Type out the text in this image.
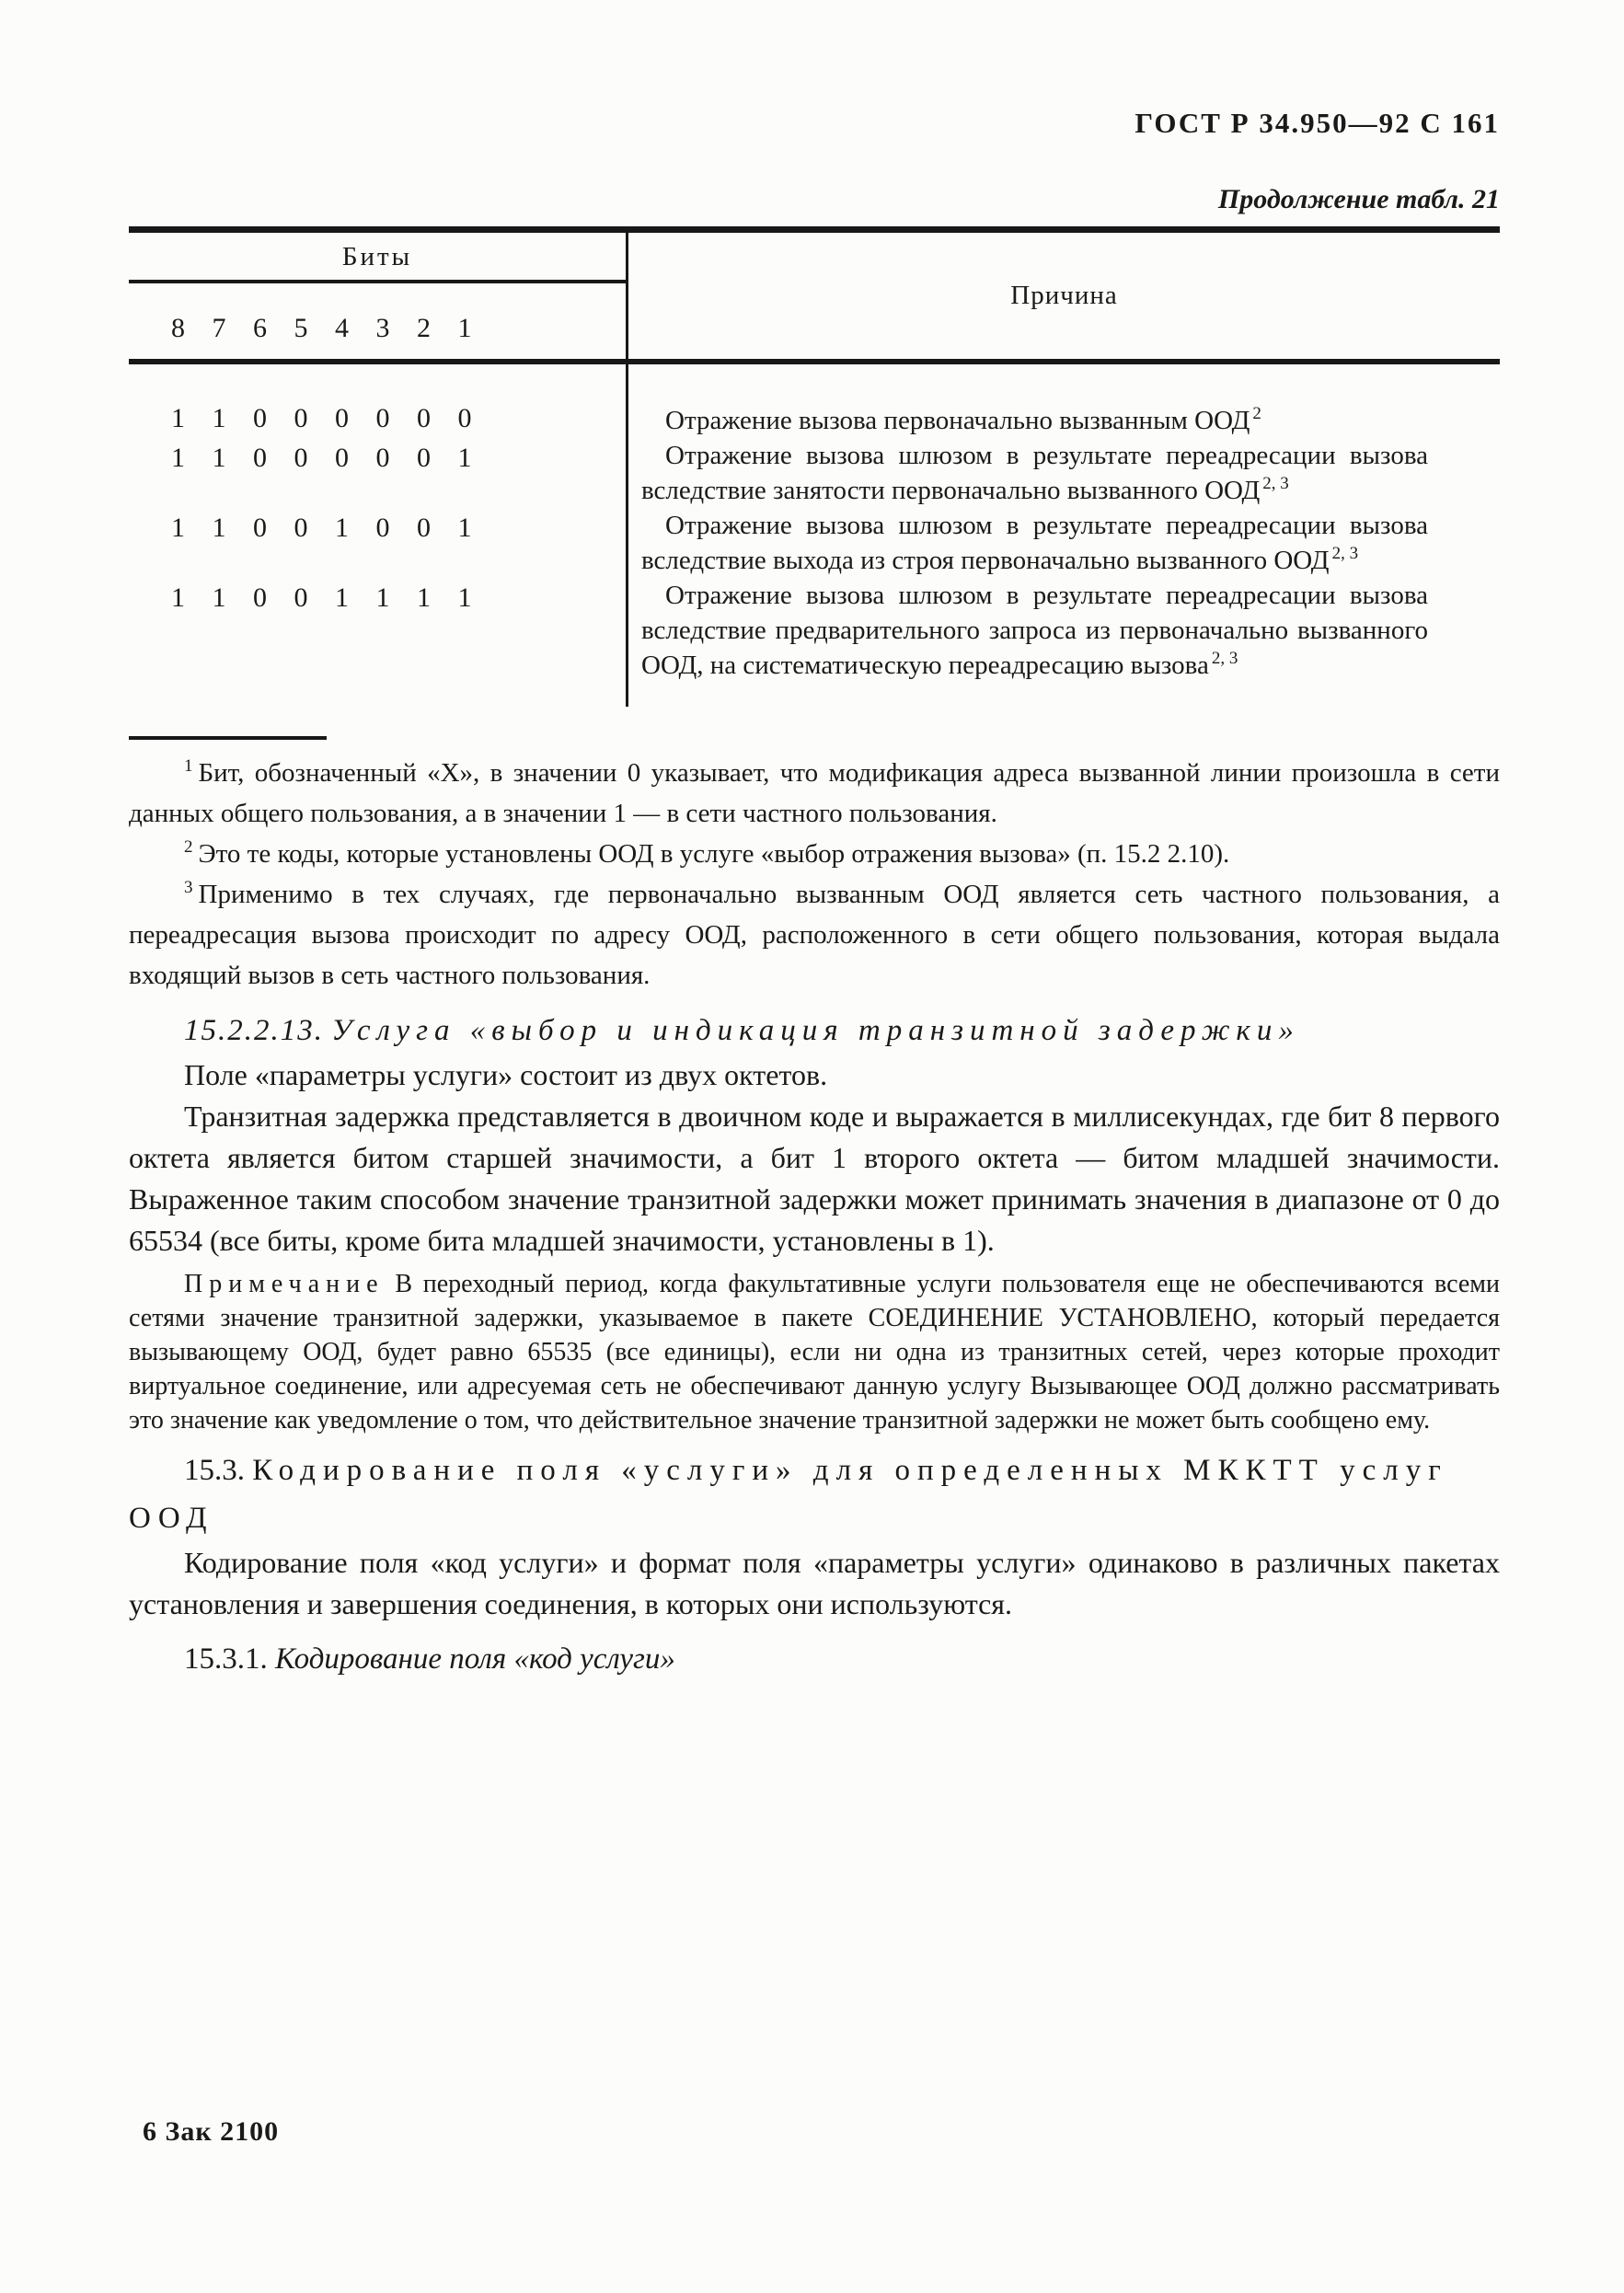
ГОСТ Р 34.950—92 С 161
Продолжение табл. 21
Биты
8 7 6 5 4 3 2 1
Причина
1 1 0 0 0 0 0 0	Отражение вызова первоначально вызванным ООД $^2$
1 1 0 0 0 0 0 1	Отражение вызова шлюзом в результате переадресации вызова вследствие занятости первоначально вызванного ООД $^{2, 3}$
1 1 0 0 1 0 0 1	Отражение вызова шлюзом в результате переадресации вызова вследствие выхода из строя первоначально вызванного ООД $^{2, 3}$
1 1 0 0 1 1 1 1	Отражение вызова шлюзом в результате переадресации вызова вследствие предварительного запроса из первоначально вызванного ООД, на систематическую переадресацию вызова $^{2, 3}$

$^1$ Бит, обозначенный «X», в значении 0 указывает, что модификация адреса вызванной линии произошла в сети данных общего пользования, а в значении 1 — в сети частного пользования.

$^2$ Это те коды, которые установлены ООД в услуге «выбор отражения вызова» (п. 15.2 2.10).

$^3$ Применимо в тех случаях, где первоначально вызванным ООД является сеть частного пользования, а переадресация вызова происходит по адресу ООД, расположенного в сети общего пользования, которая выдала входящий вызов в сеть частного пользования.

15.2.2.13. Услуга «выбор и индикация транзитной задержки»

Поле «параметры услуги» состоит из двух октетов.

Транзитная задержка представляется в двоичном коде и выражается в миллисекундах, где бит 8 первого октета является битом старшей значимости, а бит 1 второго октета — битом младшей значимости. Выраженное таким способом значение транзитной задержки может принимать значения в диапазоне от 0 до 65534 (все биты, кроме бита младшей значимости, установлены в 1).

Примечание В переходный период, когда факультативные услуги пользователя еще не обеспечиваются всеми сетями значение транзитной задержки, указываемое в пакете СОЕДИНЕНИЕ УСТАНОВЛЕНО, который передается вызывающему ООД, будет равно 65535 (все единицы), если ни одна из транзитных сетей, через которые проходит виртуальное соединение, или адресуемая сеть не обеспечивают данную услугу Вызывающее ООД должно рассматривать это значение как уведомление о том, что действительное значение транзитной задержки не может быть сообщено ему.

15.3. Кодирование поля «услуги» для определенных МККТТ услуг ООД

Кодирование поля «код услуги» и формат поля «параметры услуги» одинаково в различных пакетах установления и завершения соединения, в которых они используются.

15.3.1. Кодирование поля «код услуги»

6 Зак 2100
